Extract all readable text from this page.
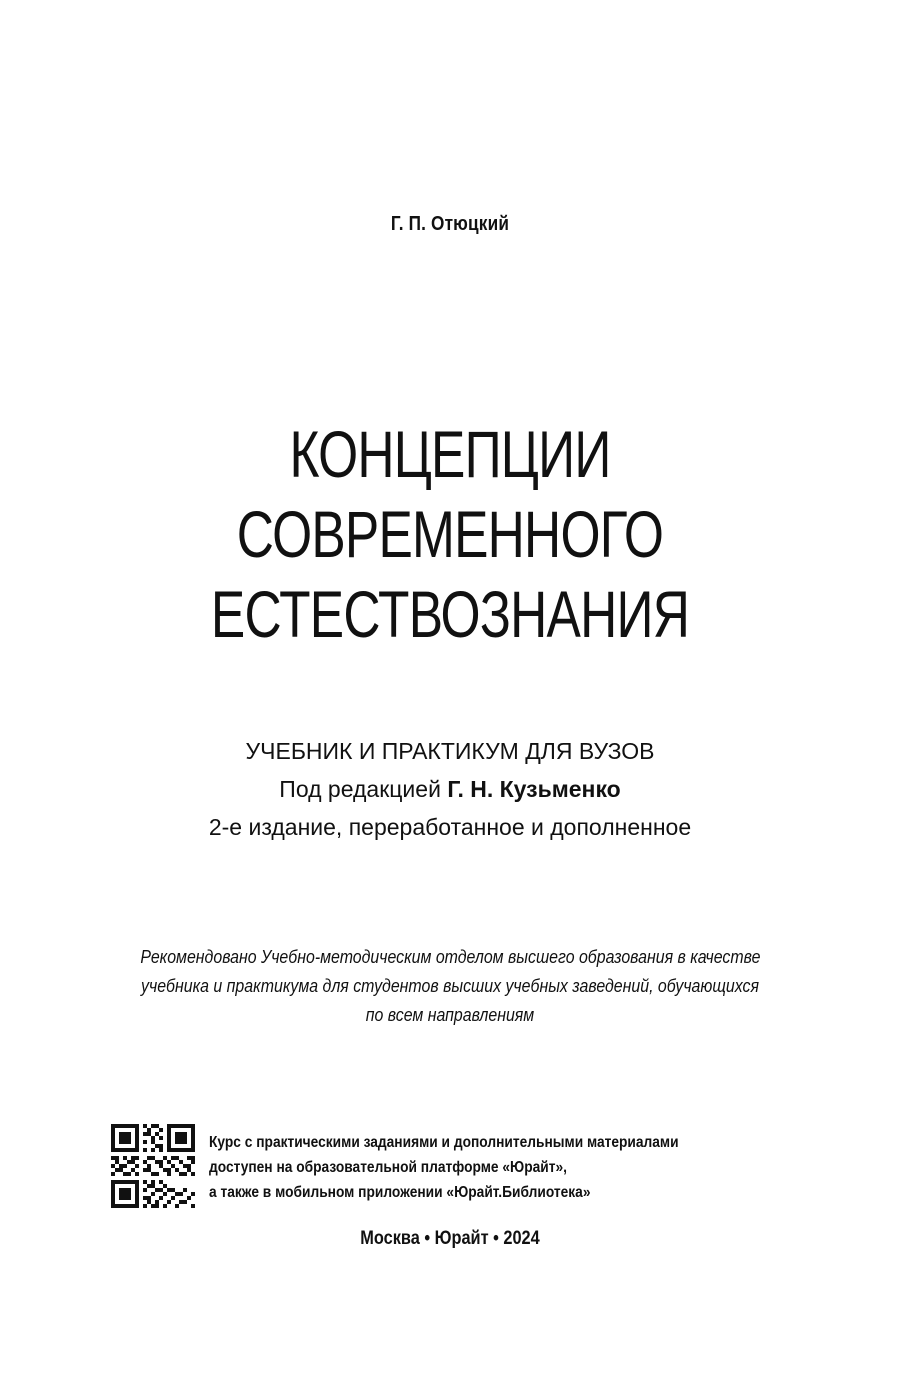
Г. П. Отюцкий
КОНЦЕПЦИИ
СОВРЕМЕННОГО
ЕСТЕСТВОЗНАНИЯ
УЧЕБНИК И ПРАКТИКУМ ДЛЯ ВУЗОВ
Под редакцией Г. Н. Кузьменко
2-е издание, переработанное и дополненное
Рекомендовано Учебно-методическим отделом высшего образования в качестве
учебника и практикума для студентов высших учебных заведений, обучающихся
по всем направлениям
Курс с практическими заданиями и дополнительными материалами
доступен на образовательной платформе «Юрайт»,
а также в мобильном приложении «Юрайт.Библиотека»
Москва • Юрайт • 2024
